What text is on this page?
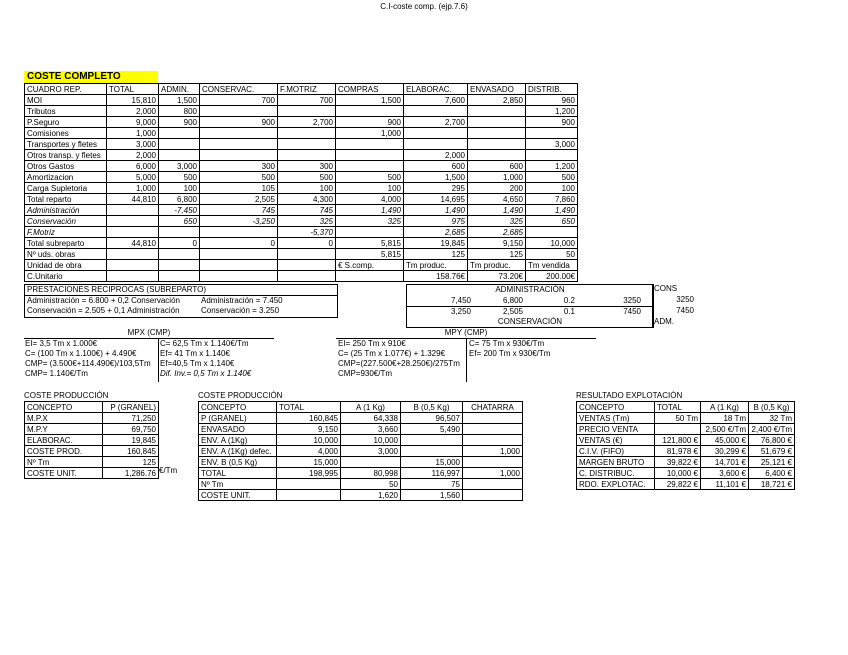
C.I-coste comp. (ejp.7.6)
COSTE COMPLETO
CUADRO REP.	TOTAL	ADMIN.	CONSERVAC.	F.MOTRIZ	COMPRAS	ELABORAC.	ENVASADO	DISTRIB.
MOI	15,810	1,500	700	700	1,500	7,600	2,850	960
Tributos	2,000	800						1,200
P.Seguro	9,000	900	900	2,700	900	2,700		900
Comisiones	1,000				1,000			
Transportes y fletes	3,000							3,000
Otros transp. y fletes	2,000					2,000		
Otros Gastos	6,000	3,000	300	300		600	600	1,200
Amortizacion	5,000	500	500	500	500	1,500	1,000	500
Carga Supletoria	1,000	100	105	100	100	295	200	100
Total reparto	44,810	6,800	2,505	4,300	4,000	14,695	4,650	7,860
Administración		-7,450	745	745	1,490	1,490	1,490	1,490
Conservación		650	-3,250	325	325	975	325	650
F.Motriz				-5,370		2,685	2,685	
Total subreparto	44,810	0	0	0	5,815	19,845	9,150	10,000
Nº uds. obras					5,815	125	125	50
Unidad de obra					€ S.comp.	Tm produc.	Tm produc.	Tm vendida
C.Unitario						158.76€	73.20€	200.00€
PRESTACIONES RECIPROCAS (SUBREPARTO)
Administración = 6.800 + 0,2 Conservación	Administración = 7.450
Conservación = 2.505 + 0,1 Administración	Conservación = 3.250
ADMINISTRACIÓN
7,450	6,800	0.2	3250
3,250	2,505	0.1	7450
CONSERVACIÓN
CONS
3250
7450
ADM.
MPX (CMP)
EI= 3,5 Tm x 1.000€
C= (100 Tm x 1.100€) + 4.490€
CMP= (3.500€+114.490€)/103,5Tm
CMP= 1.140€/Tm
C= 62,5 Tm x 1.140€/Tm
Ef= 41 Tm x 1.140€
Ef=40,5 Tm x 1.140€
Dif. Inv.= 0,5 Tm x 1.140€
MPY (CMP)
EI= 250 Tm x 910€
C= (25 Tm x 1.077€) + 1.329€
CMP=(227.500€+28.250€)/275Tm
CMP=930€/Tm
C= 75 Tm x 930€/Tm
Ef= 200 Tm x 930€/Tm
COSTE PRODUCCIÓN
CONCEPTO	P (GRANEL)
M.P.X	71,250
M.P.Y	69,750
ELABORAC.	19,845
COSTE PROD.	160,845
Nº Tm	125
COSTE UNIT.	1,286.76 €/Tm
COSTE PRODUCCIÓN
CONCEPTO	TOTAL	A (1 Kg)	B (0,5 Kg)	CHATARRA
P (GRANEL)	160,845	64,338	96,507	
ENVASADO	9,150	3,660	5,490	
ENV. A (1Kg)	10,000	10,000		
ENV. A (1Kg) defec.	4,000	3,000		1,000
ENV. B (0,5 Kg)	15,000		15,000	
TOTAL	198,995	80,998	116,997	1,000
Nº Tm		50	75	
COSTE UNIT.		1,620	1,560	
RESULTADO EXPLOTACIÓN
CONCEPTO	TOTAL	A (1 Kg)	B (0,5 Kg)
VENTAS (Tm)	50 Tm	18 Tm	32 Tm
PRECIO VENTA		2,500 €/Tm	2,400 €/Tm
VENTAS (€)	121,800 €	45,000 €	76,800 €
C.I.V. (FIFO)	81,978 €	30,299 €	51,679 €
MARGEN BRUTO	39,822 €	14,701 €	25,121 €
C. DISTRIBUC.	10,000 €	3,600 €	6,400 €
RDO. EXPLOTAC.	29,822 €	11,101 €	18,721 €
